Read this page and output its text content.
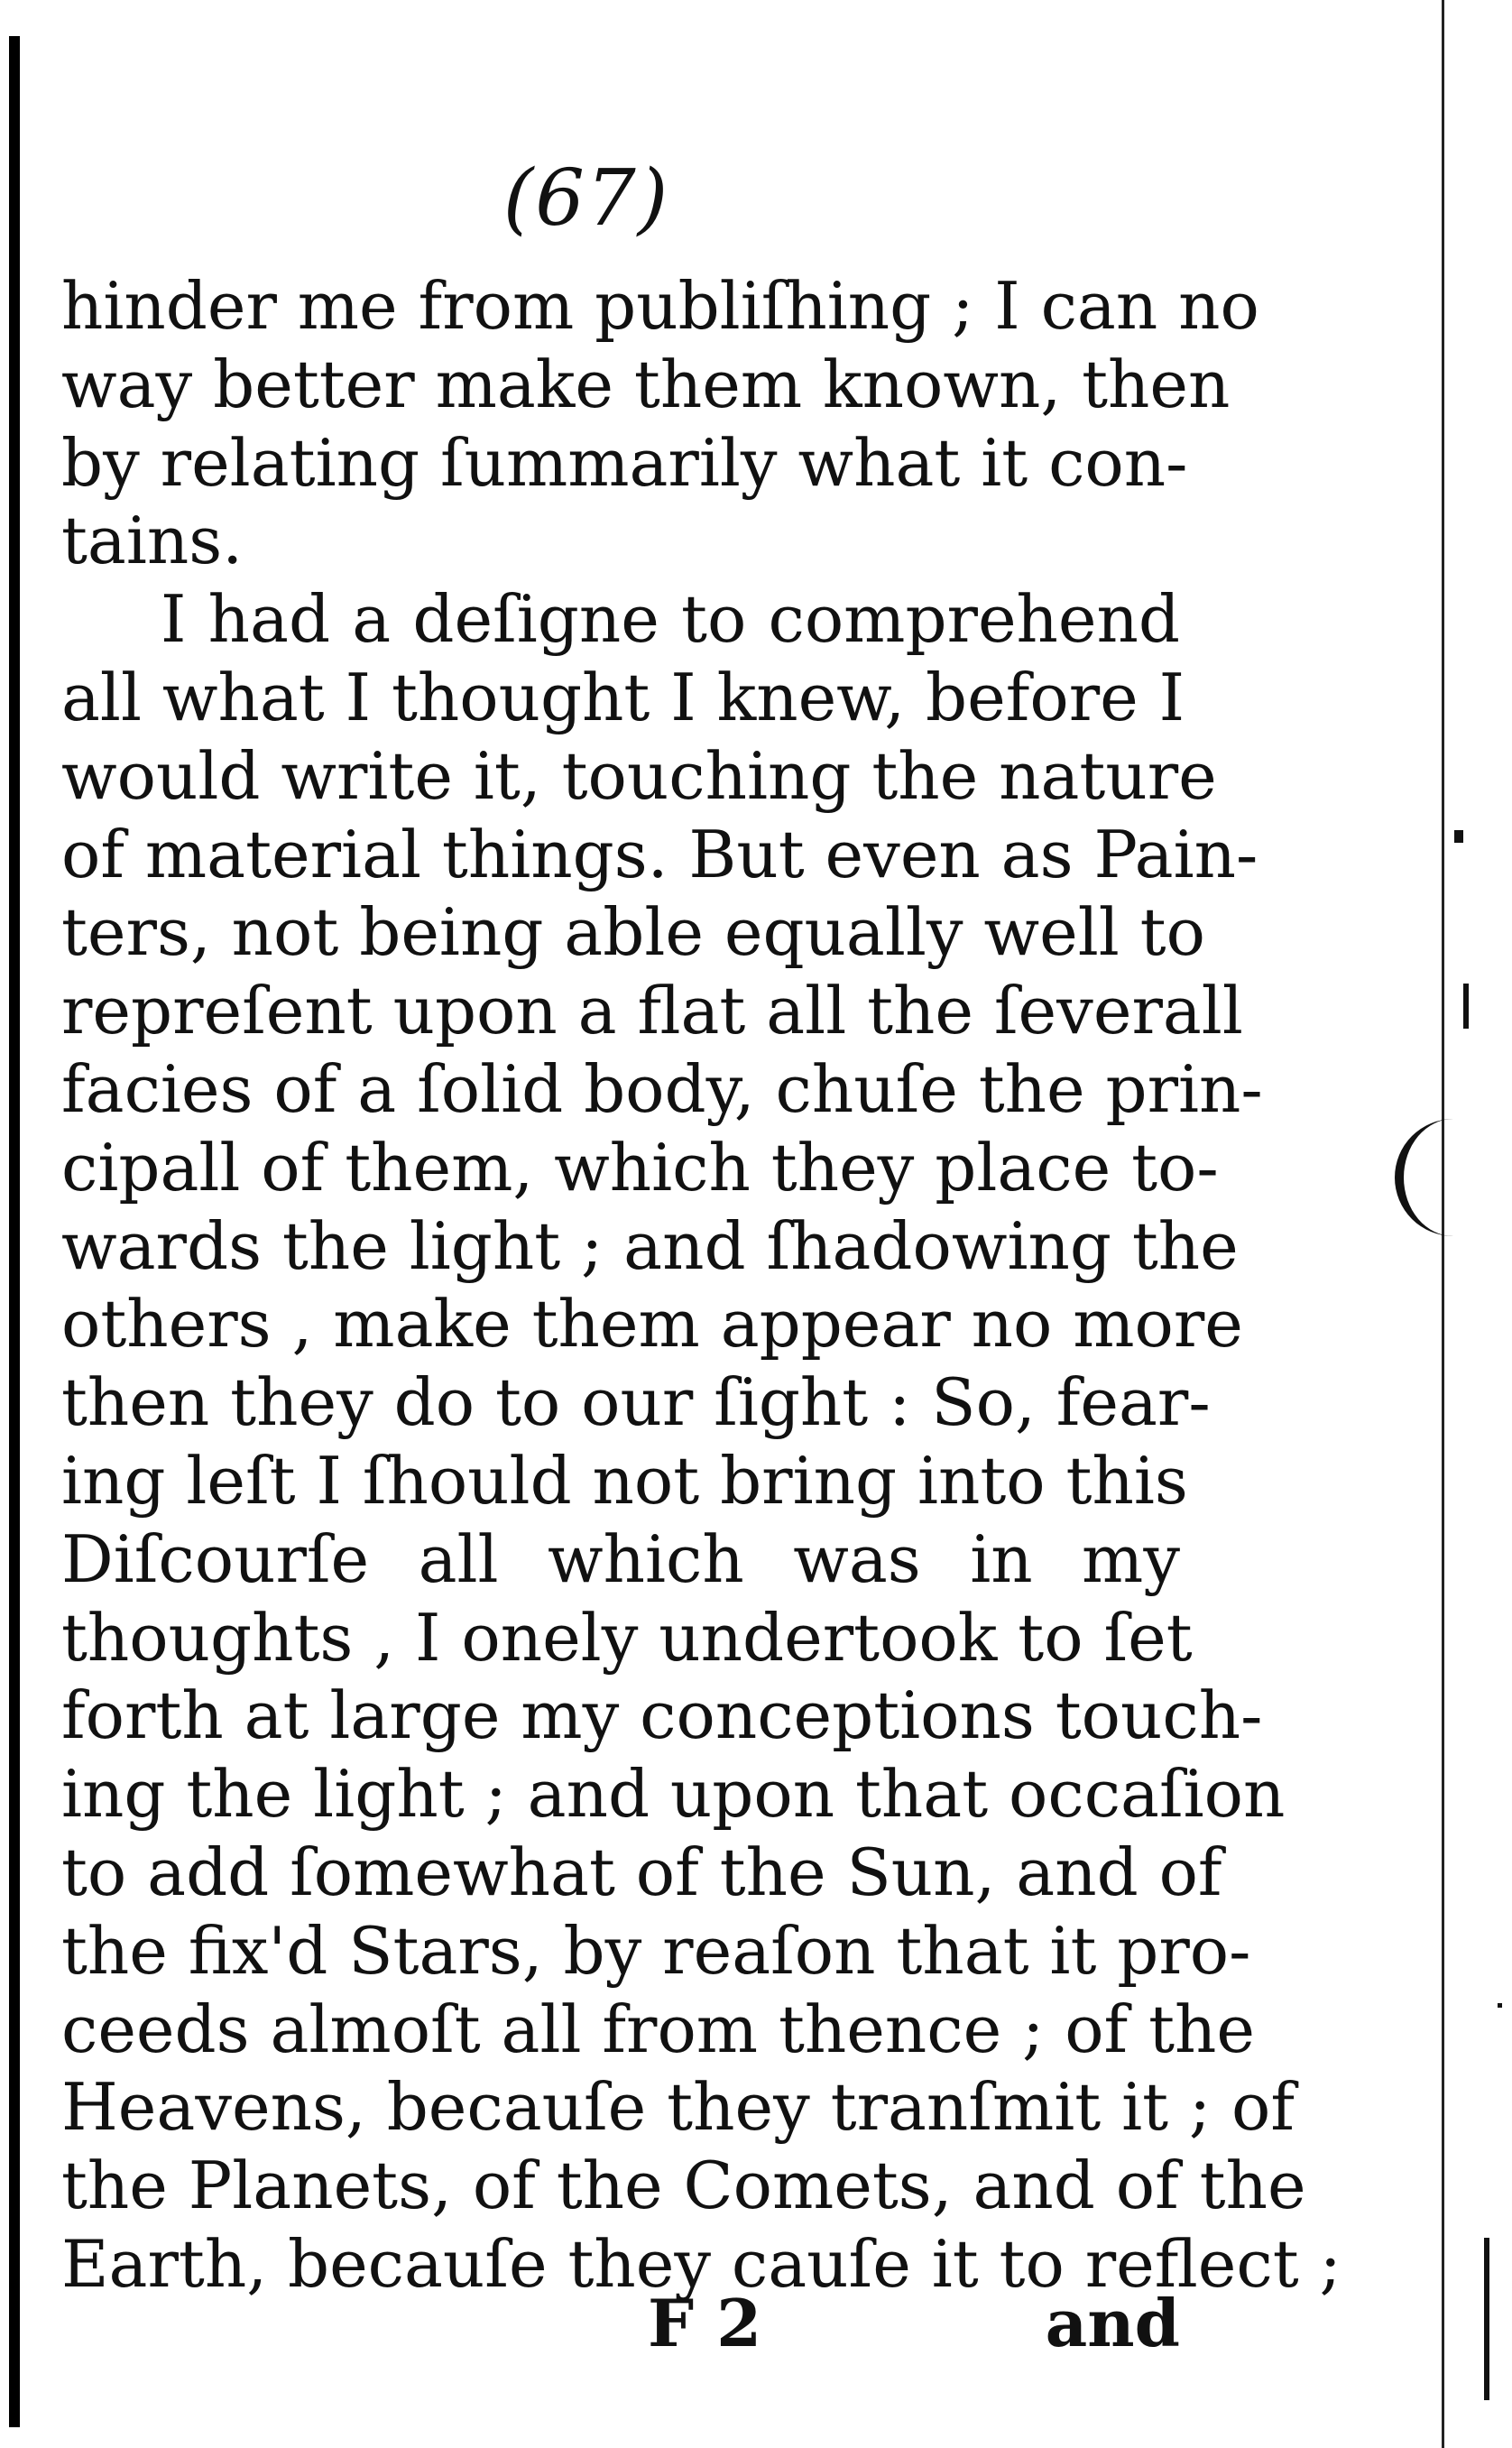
(67)
hinder me from publiſhing ; I can no
way better make them known, then
by relating ſummarily what it con-
tains.
I had a deſigne to comprehend
all what I thought I knew, before I
would write it, touching the nature
of material things. But even as Pain-
ters, not being able equally well to
repreſent upon a flat all the ſeverall
facies of a ſolid body, chuſe the prin-
cipall of them, which they place to-
wards the light ; and ſhadowing the
others , make them appear no more
then they do to our ſight : So, fear-
ing leſt I ſhould not bring into this
Diſcourſe all which was in my
thoughts , I onely undertook to ſet
forth at large my conceptions touch-
ing the light ; and upon that occaſion
to add ſomewhat of the Sun, and of
the fix'd Stars, by reaſon that it pro-
ceeds almoſt all from thence ; of the
Heavens, becauſe they tranſmit it ; of
the Planets, of the Comets, and of the
Earth, becauſe they cauſe it to reflect ;
F 2	and
